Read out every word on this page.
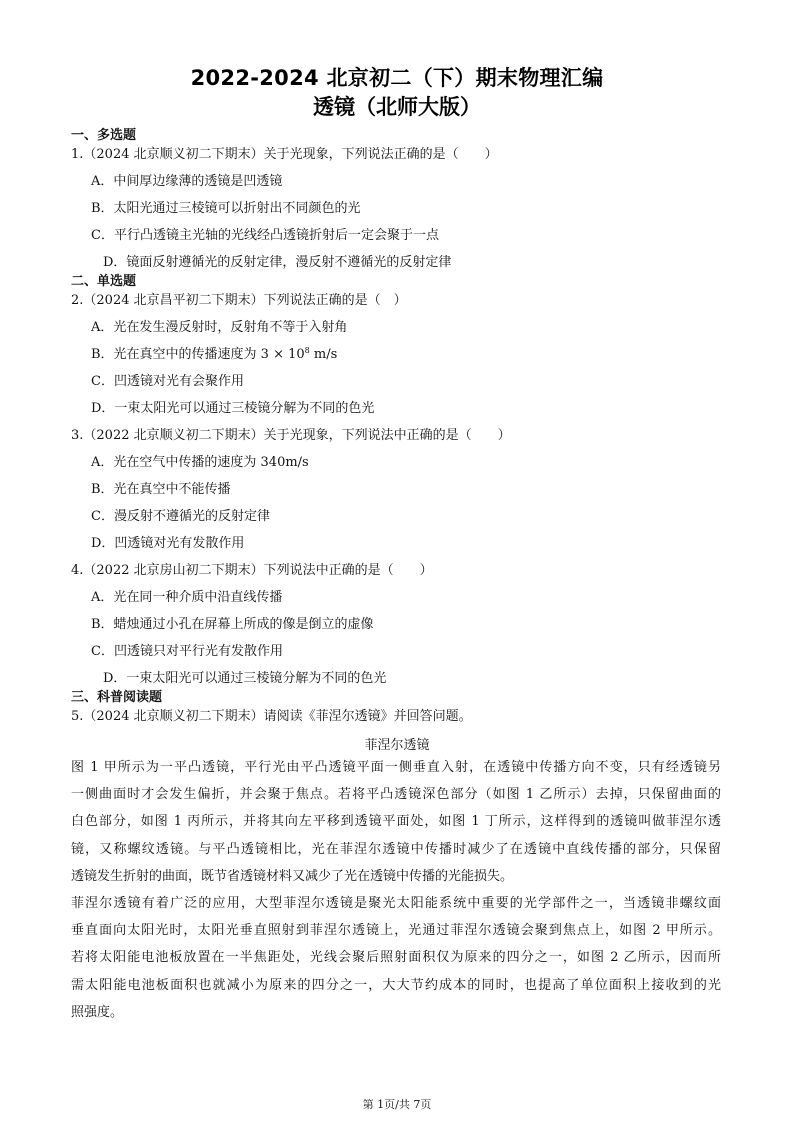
2022-2024 北京初二（下）期末物理汇编
透镜（北师大版）
一、多选题
1.（2024 北京顺义初二下期末）关于光现象，下列说法正确的是（　　）
A．中间厚边缘薄的透镜是凹透镜
B．太阳光通过三棱镜可以折射出不同颜色的光
C．平行凸透镜主光轴的光线经凸透镜折射后一定会聚于一点
D．镜面反射遵循光的反射定律，漫反射不遵循光的反射定律
二、单选题
2.（2024 北京昌平初二下期末）下列说法正确的是（　）
A．光在发生漫反射时，反射角不等于入射角
B．光在真空中的传播速度为 $3 \times 10^8$ m/s
C．凹透镜对光有会聚作用
D．一束太阳光可以通过三棱镜分解为不同的色光
3.（2022 北京顺义初二下期末）关于光现象，下列说法中正确的是（　　）
A．光在空气中传播的速度为 340m/s
B．光在真空中不能传播
C．漫反射不遵循光的反射定律
D．凹透镜对光有发散作用
4.（2022 北京房山初二下期末）下列说法中正确的是（　　）
A．光在同一种介质中沿直线传播
B．蜡烛通过小孔在屏幕上所成的像是倒立的虚像
C．凹透镜只对平行光有发散作用
D．一束太阳光可以通过三棱镜分解为不同的色光
三、科普阅读题
5.（2024 北京顺义初二下期末）请阅读《菲涅尔透镜》并回答问题。
菲涅尔透镜
图 1 甲所示为一平凸透镜，平行光由平凸透镜平面一侧垂直入射，在透镜中传播方向不变，只有经透镜另
一侧曲面时才会发生偏折，并会聚于焦点。若将平凸透镜深色部分（如图 1 乙所示）去掉，只保留曲面的
白色部分，如图 1 丙所示，并将其向左平移到透镜平面处，如图 1 丁所示，这样得到的透镜叫做菲涅尔透
镜，又称螺纹透镜。与平凸透镜相比，光在菲涅尔透镜中传播时减少了在透镜中直线传播的部分，只保留
透镜发生折射的曲面，既节省透镜材料又减少了光在透镜中传播的光能损失。
菲涅尔透镜有着广泛的应用，大型菲涅尔透镜是聚光太阳能系统中重要的光学部件之一，当透镜非螺纹面
垂直面向太阳光时，太阳光垂直照射到菲涅尔透镜上，光通过菲涅尔透镜会聚到焦点上，如图 2 甲所示。
若将太阳能电池板放置在一半焦距处，光线会聚后照射面积仅为原来的四分之一，如图 2 乙所示，因而所
需太阳能电池板面积也就减小为原来的四分之一，大大节约成本的同时，也提高了单位面积上接收到的光
照强度。
第 1页/共 7页
